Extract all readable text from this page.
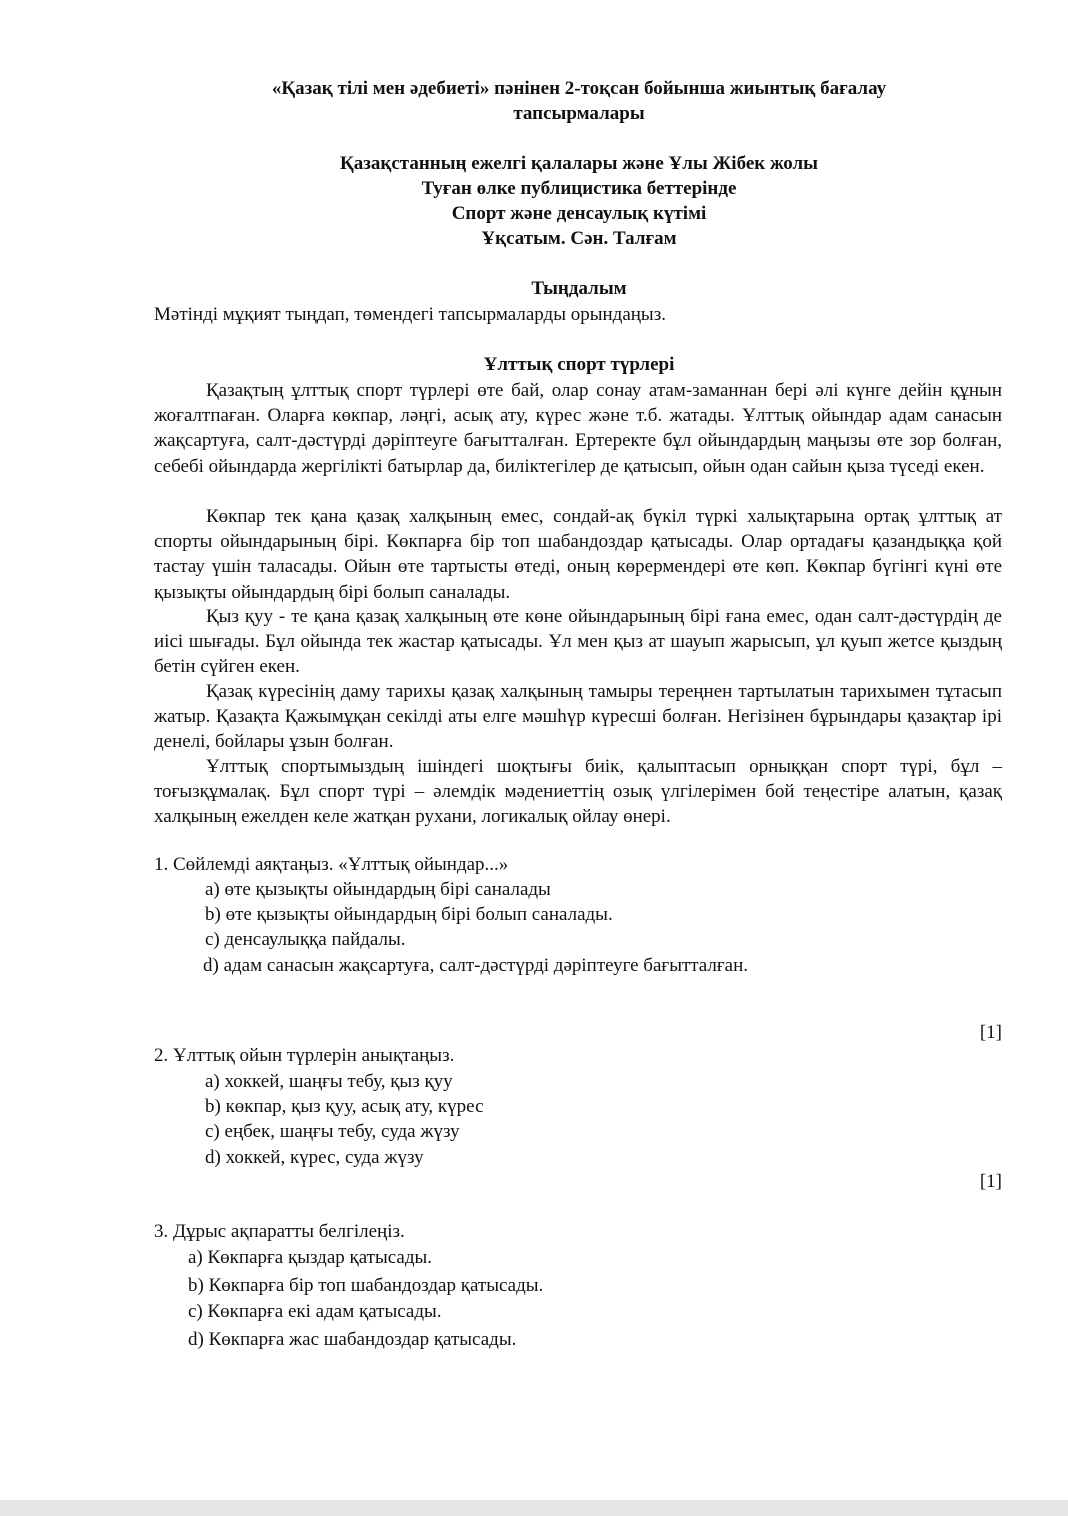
«Қазақ тілі мен әдебиеті» пәнінен 2-тоқсан бойынша жиынтық бағалау
тапсырмалары
Қазақстанның ежелгі қалалары және Ұлы Жібек жолы
Туған өлке публицистика беттерінде
Спорт және денсаулық күтімі
Ұқсатым. Сән. Талғам
Тыңдалым
Мәтінді мұқият тыңдап, төмендегі тапсырмаларды орындаңыз.
Ұлттық спорт түрлері

Қазақтың ұлттық спорт түрлері өте бай, олар сонау атам-заманнан бері әлі күнге дейін құнын жоғалтпаған. Оларға көкпар, ләңгі, асық ату, күрес және т.б. жатады. Ұлттық ойындар адам санасын жақсартуға, салт-дәстүрді дәріптеуге бағытталған. Ертеректе бұл ойындардың маңызы өте зор болған, себебі ойындарда жергілікті батырлар да, биліктегілер де қатысып, ойын одан сайын қыза түседі екен.

Көкпар тек қана қазақ халқының емес, сондай-ақ бүкіл түркі халықтарына ортақ ұлттық ат спорты ойындарының бірі. Көкпарға бір топ шабандоздар қатысады. Олар ортадағы қазандыққа қой тастау үшін таласады. Ойын өте тартысты өтеді, оның көрермендері өте көп. Көкпар бүгінгі күні өте қызықты ойындардың бірі болып саналады.

Қыз қуу - те қана қазақ халқының өте көне ойындарының бірі ғана емес, одан салт-дәстүрдің де иісі шығады. Бұл ойында тек жастар қатысады. Ұл мен қыз ат шауып жарысып, ұл қуып жетсе қыздың бетін сүйген екен.

Қазақ күресінің даму тарихы қазақ халқының тамыры тереңнен тартылатын тарихымен тұтасып жатыр. Қазақта Қажымұқан секілді аты елге мәшһүр күресші болған. Негізінен бұрындары қазақтар ірі денелі, бойлары ұзын болған.

Ұлттық спортымыздың ішіндегі шоқтығы биік, қалыптасып орныққан спорт түрі, бұл – тоғызқұмалақ. Бұл спорт түрі – әлемдік мәдениеттің озық үлгілерімен бой теңестіре алатын, қазақ халқының ежелден келе жатқан рухани, логикалық ойлау өнері.

1. Сөйлемді аяқтаңыз. «Ұлттық ойындар...»
a) өте қызықты ойындардың бірі саналады
b) өте қызықты ойындардың бірі болып саналады.
c) денсаулыққа пайдалы.
d) адам санасын жақсартуға, салт-дәстүрді дәріптеуге бағытталған.
[1]
2. Ұлттық ойын түрлерін анықтаңыз.
a) хоккей, шаңғы тебу, қыз қуу
b) көкпар, қыз қуу, асық ату, күрес
c) еңбек, шаңғы тебу, суда жүзу
d) хоккей, күрес, суда жүзу
[1]
3. Дұрыс ақпаратты белгілеңіз.
a) Көкпарға қыздар қатысады.
b) Көкпарға бір топ шабандоздар қатысады.
c) Көкпарға екі адам қатысады.
d) Көкпарға жас шабандоздар қатысады.
